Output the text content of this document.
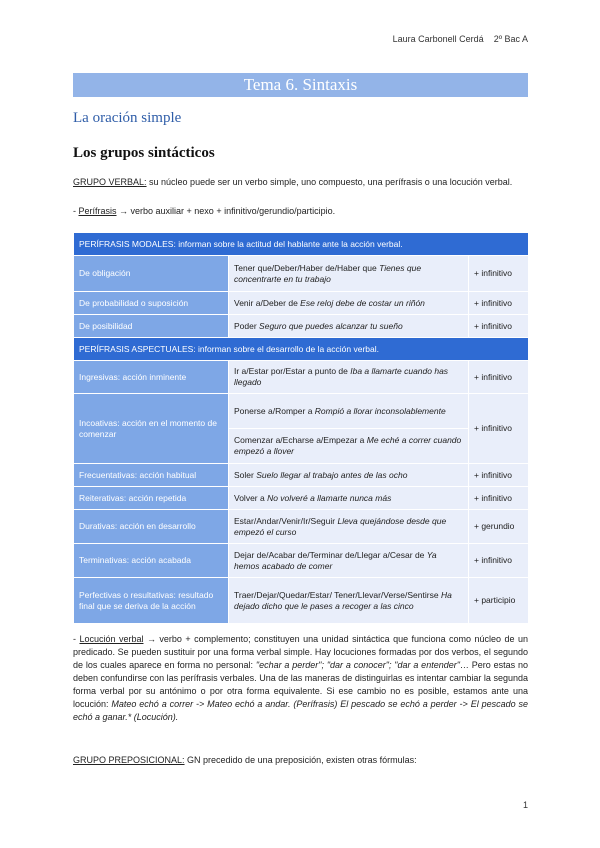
Laura Carbonell Cerdá 2º Bac A
Tema 6. Sintaxis
La oración simple
Los grupos sintácticos
GRUPO VERBAL: su núcleo puede ser un verbo simple, uno compuesto, una perífrasis o una locución verbal.
- Perífrasis → verbo auxiliar + nexo + infinitivo/gerundio/participio.
PERÍFRASIS MODALES: informan sobre la actitud del hablante ante la acción verbal.		
De obligación	Tener que/Deber/Haber de/Haber que Tienes que concentrarte en tu trabajo	+ infinitivo
De probabilidad o suposición	Venir a/Deber de Ese reloj debe de costar un riñón	+ infinitivo
De posibilidad	Poder Seguro que puedes alcanzar tu sueño	+ infinitivo
PERÍFRASIS ASPECTUALES: informan sobre el desarrollo de la acción verbal.		
Ingresivas: acción inminente	Ir a/Estar por/Estar a punto de Iba a llamarte cuando has llegado	+ infinitivo
Incoativas: acción en el momento de comenzar	Ponerse a/Romper a Rompió a llorar inconsolablemente	+ infinitivo
	Comenzar a/Echarse a/Empezar a Me eché a correr cuando empezó a llover	
Frecuentativas: acción habitual	Soler Suelo llegar al trabajo antes de las ocho	+ infinitivo
Reiterativas: acción repetida	Volver a No volveré a llamarte nunca más	+ infinitivo
Durativas: acción en desarrollo	Estar/Andar/Venir/Ir/Seguir Lleva quejándose desde que empezó el curso	+ gerundio
Terminativas: acción acabada	Dejar de/Acabar de/Terminar de/Llegar a/Cesar de Ya hemos acabado de comer	+ infinitivo
Perfectivas o resultativas: resultado final que se deriva de la acción	Traer/Dejar/Quedar/Estar/ Tener/Llevar/Verse/Sentirse Ha dejado dicho que le pases a recoger a las cinco	+ participio
- Locución verbal → verbo + complemento; constituyen una unidad sintáctica que funciona como núcleo de un predicado. Se pueden sustituir por una forma verbal simple. Hay locuciones formadas por dos verbos, el segundo de los cuales aparece en forma no personal: "echar a perder"; "dar a conocer"; "dar a entender"… Pero estas no deben confundirse con las perífrasis verbales. Una de las maneras de distinguirlas es intentar cambiar la segunda forma verbal por su antónimo o por otra forma equivalente. Si ese cambio no es posible, estamos ante una locución: Mateo echó a correr -> Mateo echó a andar. (Perífrasis) El pescado se echó a perder -> El pescado se echó a ganar.* (Locución).
GRUPO PREPOSICIONAL: GN precedido de una preposición, existen otras fórmulas:
1
